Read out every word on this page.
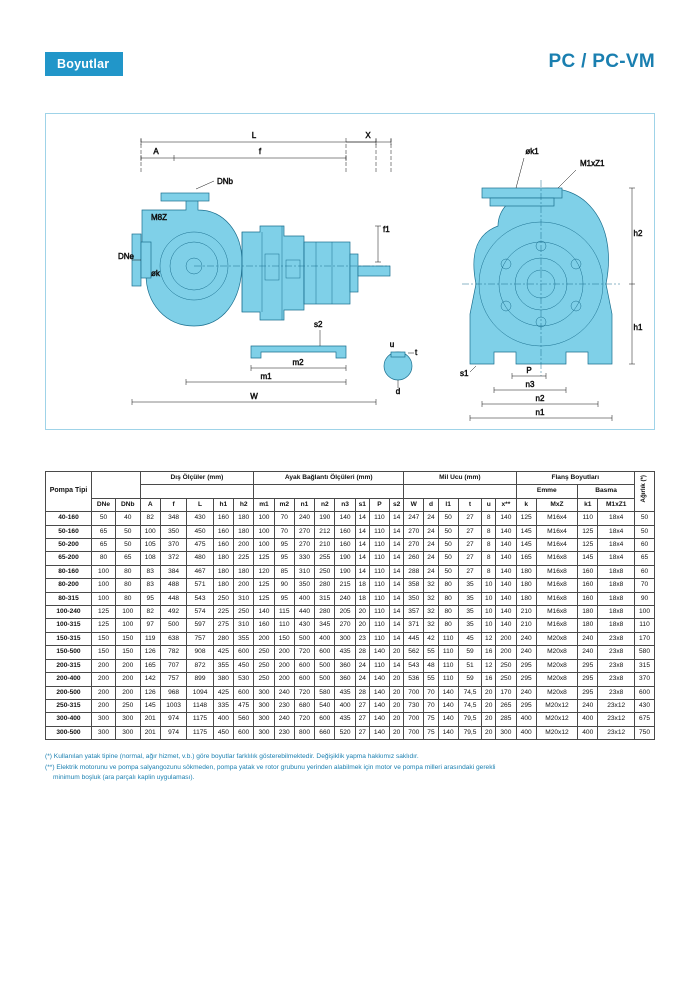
Boyutlar	PC / PC-VM
L
A	f
X
DNb
M8Z
DNe
øk
f1
s2
m2
m1
W
u
t
d
øk1
M1xZ1
h2
h1
s1	P
n3
n2
n1
Pompa Tipi			Dış Ölçüler (mm)					Ayak Bağlantı Ölçüleri (mm)								Mil Ucu (mm)						Flanş Boyutları				Ağırlık (*)
																						Emme		Basma		
	DNe	DNb	A	f	L	h1	h2	m1	m2	n1	n2	n3	s1	P	s2	W	d	l1	t	u	x**	k	MxZ	k1	M1xZ1	
40-160	50	40	82	348	430	160	180	100	70	240	190	140	14	110	14	247	24	50	27	8	140	125	M16x4	110	18x4	50
50-160	65	50	100	350	450	160	180	100	70	270	212	160	14	110	14	270	24	50	27	8	140	145	M16x4	125	18x4	50
50-200	65	50	105	370	475	160	200	100	95	270	210	160	14	110	14	270	24	50	27	8	140	145	M16x4	125	18x4	60
65-200	80	65	108	372	480	180	225	125	95	330	255	190	14	110	14	260	24	50	27	8	140	165	M16x8	145	18x4	65
80-160	100	80	83	384	467	180	180	120	85	310	250	190	14	110	14	288	24	50	27	8	140	180	M16x8	160	18x8	60
80-200	100	80	83	488	571	180	200	125	90	350	280	215	18	110	14	358	32	80	35	10	140	180	M16x8	160	18x8	70
80-315	100	80	95	448	543	250	310	125	95	400	315	240	18	110	14	350	32	80	35	10	140	180	M16x8	160	18x8	90
100-240	125	100	82	492	574	225	250	140	115	440	280	205	20	110	14	357	32	80	35	10	140	210	M16x8	180	18x8	100
100-315	125	100	97	500	597	275	310	160	110	430	345	270	20	110	14	371	32	80	35	10	140	210	M16x8	180	18x8	110
150-315	150	150	119	638	757	280	355	200	150	500	400	300	23	110	14	445	42	110	45	12	200	240	M20x8	240	23x8	170
150-500	150	150	126	782	908	425	600	250	200	720	600	435	28	140	20	562	55	110	59	16	200	240	M20x8	240	23x8	580
200-315	200	200	165	707	872	355	450	250	200	600	500	360	24	110	14	543	48	110	51	12	250	295	M20x8	295	23x8	315
200-400	200	200	142	757	899	380	530	250	200	600	500	360	24	140	20	536	55	110	59	16	250	295	M20x8	295	23x8	370
200-500	200	200	126	968	1094	425	600	300	240	720	580	435	28	140	20	700	70	140	74,5	20	170	240	M20x8	295	23x8	600
250-315	200	250	145	1003	1148	335	475	300	230	680	540	400	27	140	20	730	70	140	74,5	20	265	295	M20x12	240	23x12	430
300-400	300	300	201	974	1175	400	560	300	240	720	600	435	27	140	20	700	75	140	79,5	20	285	400	M20x12	400	23x12	675
300-500	300	300	201	974	1175	450	600	300	230	800	660	520	27	140	20	700	75	140	79,5	20	300	400	M20x12	400	23x12	750
(*) Kullanılan yatak tipine (normal, ağır hizmet, v.b.) göre boyutlar farklılık gösterebilmektedir. Değişiklik yapma hakkımız saklıdır.
(**) Elektrik motorunu ve pompa salyangozunu sökmeden, pompa yatak ve rotor grubunu yerinden alabilmek için motor ve pompa milleri arasındaki gerekli
minimum boşluk (ara parçalı kaplin uygulaması).
